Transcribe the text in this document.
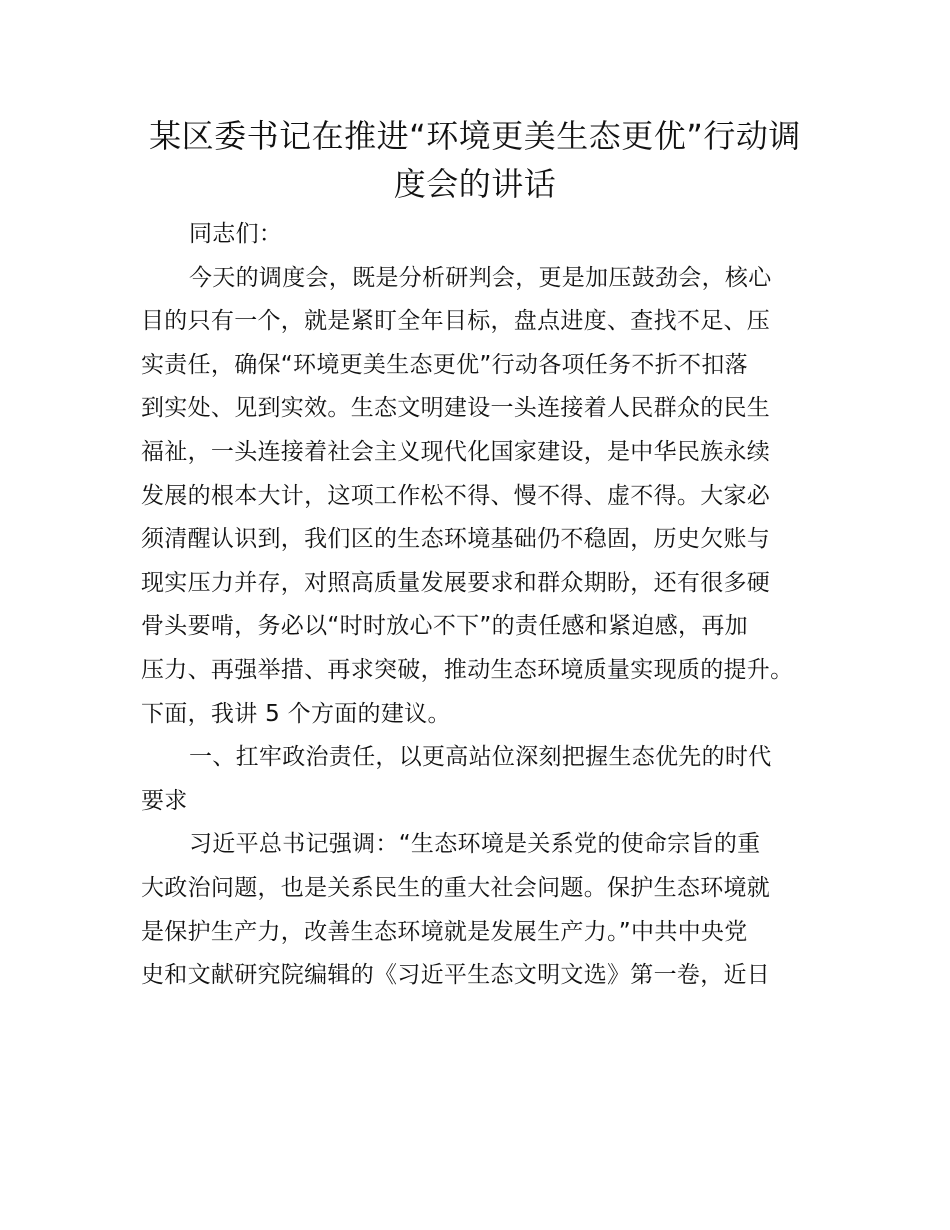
某区委书记在推进“环境更美生态更优”行动调
度会的讲话
同志们：
今天的调度会，既是分析研判会，更是加压鼓劲会，核心
目的只有一个，就是紧盯全年目标，盘点进度、查找不足、压
实责任，确保“环境更美生态更优”行动各项任务不折不扣落
到实处、见到实效。生态文明建设一头连接着人民群众的民生
福祉，一头连接着社会主义现代化国家建设，是中华民族永续
发展的根本大计，这项工作松不得、慢不得、虚不得。大家必
须清醒认识到，我们区的生态环境基础仍不稳固，历史欠账与
现实压力并存，对照高质量发展要求和群众期盼，还有很多硬
骨头要啃，务必以“时时放心不下”的责任感和紧迫感，再加
压力、再强举措、再求突破，推动生态环境质量实现质的提升。
下面，我讲 5 个方面的建议。
一、扛牢政治责任，以更高站位深刻把握生态优先的时代
要求
习近平总书记强调：“生态环境是关系党的使命宗旨的重
大政治问题，也是关系民生的重大社会问题。保护生态环境就
是保护生产力，改善生态环境就是发展生产力。”中共中央党
史和文献研究院编辑的《习近平生态文明文选》第一卷，近日
